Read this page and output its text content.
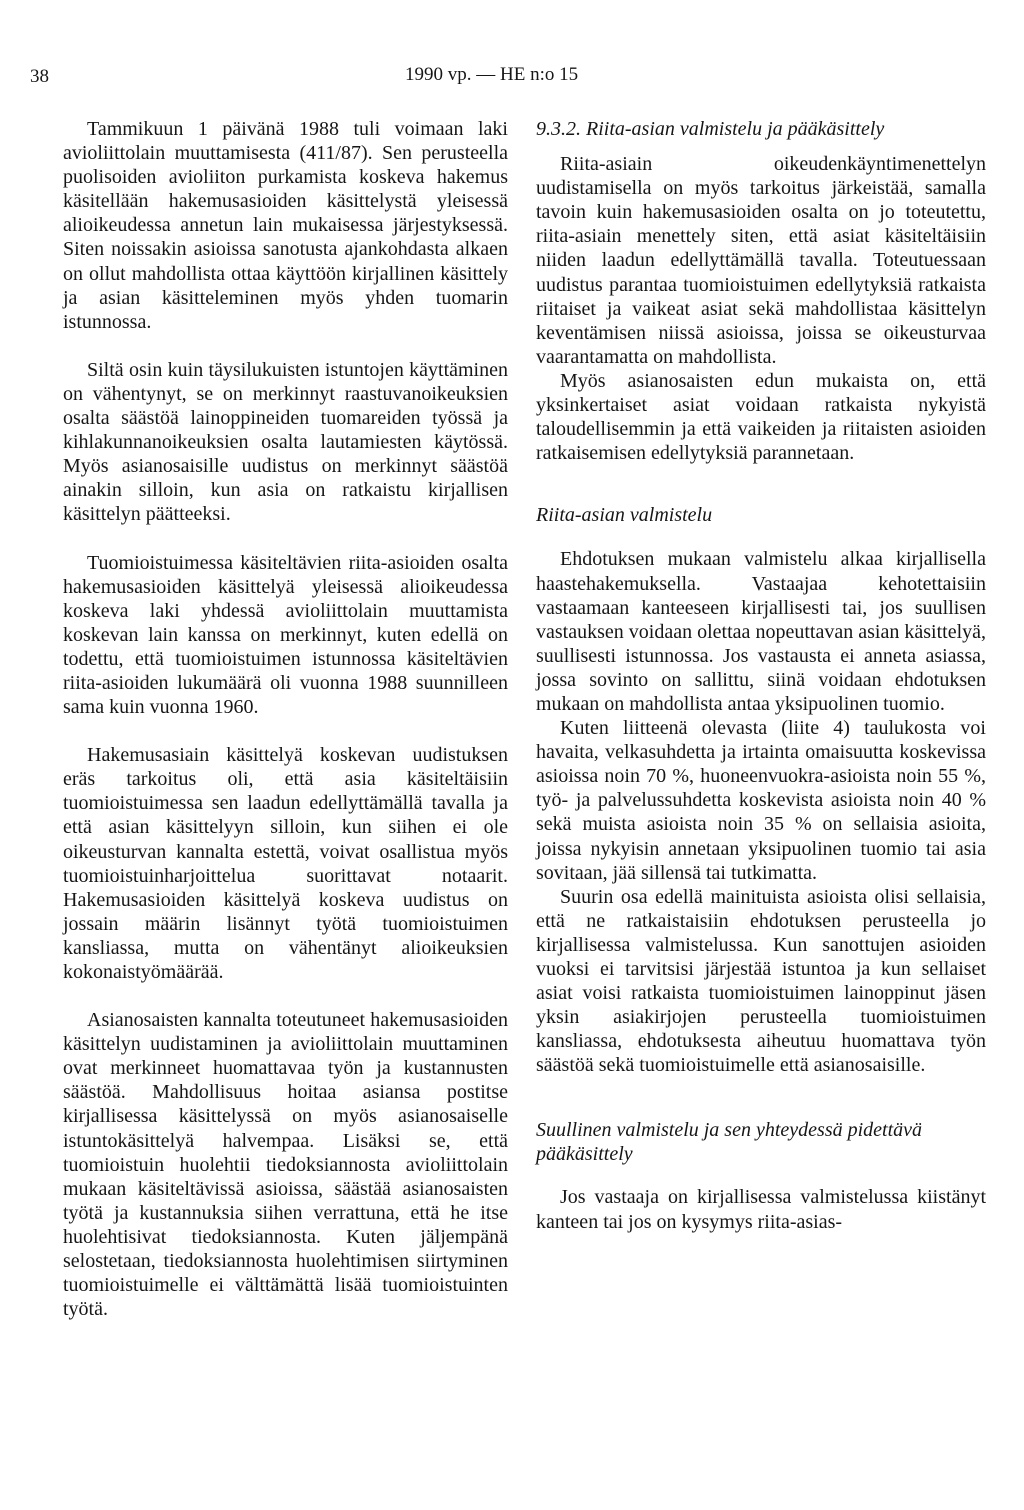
38	1990 vp. — HE n:o 15

Tammikuun 1 päivänä 1988 tuli voimaan laki avioliittolain muuttamisesta (411/87). Sen perusteella puolisoiden avioliiton purkamista koskeva hakemus käsitellään hakemusasioiden käsittelystä yleisessä alioikeudessa annetun lain mukaisessa järjestyksessä. Siten noissakin asioissa sanotusta ajankohdasta alkaen on ollut mahdollista ottaa käyttöön kirjallinen käsittely ja asian käsitteleminen myös yhden tuomarin istunnossa.

Siltä osin kuin täysilukuisten istuntojen käyttäminen on vähentynyt, se on merkinnyt raastuvanoikeuksien osalta säästöä lainoppineiden tuomareiden työssä ja kihlakunnanoikeuksien osalta lautamiesten käytössä. Myös asianosaisille uudistus on merkinnyt säästöä ainakin silloin, kun asia on ratkaistu kirjallisen käsittelyn päätteeksi.

Tuomioistuimessa käsiteltävien riita-asioiden osalta hakemusasioiden käsittelyä yleisessä alioikeudessa koskeva laki yhdessä avioliittolain muuttamista koskevan lain kanssa on merkinnyt, kuten edellä on todettu, että tuomioistuimen istunnossa käsiteltävien riita-asioiden lukumäärä oli vuonna 1988 suunnilleen sama kuin vuonna 1960.

Hakemusasiain käsittelyä koskevan uudistuksen eräs tarkoitus oli, että asia käsiteltäisiin tuomioistuimessa sen laadun edellyttämällä tavalla ja että asian käsittelyyn silloin, kun siihen ei ole oikeusturvan kannalta estettä, voivat osallistua myös tuomioistuinharjoittelua suorittavat notaarit. Hakemusasioiden käsittelyä koskeva uudistus on jossain määrin lisännyt työtä tuomioistuimen kansliassa, mutta on vähentänyt alioikeuksien kokonaistyömäärää.

Asianosaisten kannalta toteutuneet hakemusasioiden käsittelyn uudistaminen ja avioliittolain muuttaminen ovat merkinneet huomattavaa työn ja kustannusten säästöä. Mahdollisuus hoitaa asiansa postitse kirjallisessa käsittelyssä on myös asianosaiselle istuntokäsittelyä halvempaa. Lisäksi se, että tuomioistuin huolehtii tiedoksiannosta avioliittolain mukaan käsiteltävissä asioissa, säästää asianosaisten työtä ja kustannuksia siihen verrattuna, että he itse huolehtisivat tiedoksiannosta. Kuten jäljempänä selostetaan, tiedoksiannosta huolehtimisen siirtyminen tuomioistuimelle ei välttämättä lisää tuomioistuinten työtä.

9.3.2. Riita-asian valmistelu ja pääkäsittely

Riita-asiain oikeudenkäyntimenettelyn uudistamisella on myös tarkoitus järkeistää, samalla tavoin kuin hakemusasioiden osalta on jo toteutettu, riita-asiain menettely siten, että asiat käsiteltäisiin niiden laadun edellyttämällä tavalla. Toteutuessaan uudistus parantaa tuomioistuimen edellytyksiä ratkaista riitaiset ja vaikeat asiat sekä mahdollistaa käsittelyn keventämisen niissä asioissa, joissa se oikeusturvaa vaarantamatta on mahdollista.

Myös asianosaisten edun mukaista on, että yksinkertaiset asiat voidaan ratkaista nykyistä taloudellisemmin ja että vaikeiden ja riitaisten asioiden ratkaisemisen edellytyksiä parannetaan.

Riita-asian valmistelu

Ehdotuksen mukaan valmistelu alkaa kirjallisella haastehakemuksella. Vastaajaa kehotettaisiin vastaamaan kanteeseen kirjallisesti tai, jos suullisen vastauksen voidaan olettaa nopeuttavan asian käsittelyä, suullisesti istunnossa. Jos vastausta ei anneta asiassa, jossa sovinto on sallittu, siinä voidaan ehdotuksen mukaan on mahdollista antaa yksipuolinen tuomio.

Kuten liitteenä olevasta (liite 4) taulukosta voi havaita, velkasuhdetta ja irtainta omaisuutta koskevissa asioissa noin 70 %, huoneenvuokra-asioista noin 55 %, työ- ja palvelussuhdetta koskevista asioista noin 40 % sekä muista asioista noin 35 % on sellaisia asioita, joissa nykyisin annetaan yksipuolinen tuomio tai asia sovitaan, jää sillensä tai tutkimatta.

Suurin osa edellä mainituista asioista olisi sellaisia, että ne ratkaistaisiin ehdotuksen perusteella jo kirjallisessa valmistelussa. Kun sanottujen asioiden vuoksi ei tarvitsisi järjestää istuntoa ja kun sellaiset asiat voisi ratkaista tuomioistuimen lainoppinut jäsen yksin asiakirjojen perusteella tuomioistuimen kansliassa, ehdotuksesta aiheutuu huomattava työn säästöä sekä tuomioistuimelle että asianosaisille.

Suullinen valmistelu ja sen yhteydessä pidettävä pääkäsittely

Jos vastaaja on kirjallisessa valmistelussa kiistänyt kanteen tai jos on kysymys riita-asias-
